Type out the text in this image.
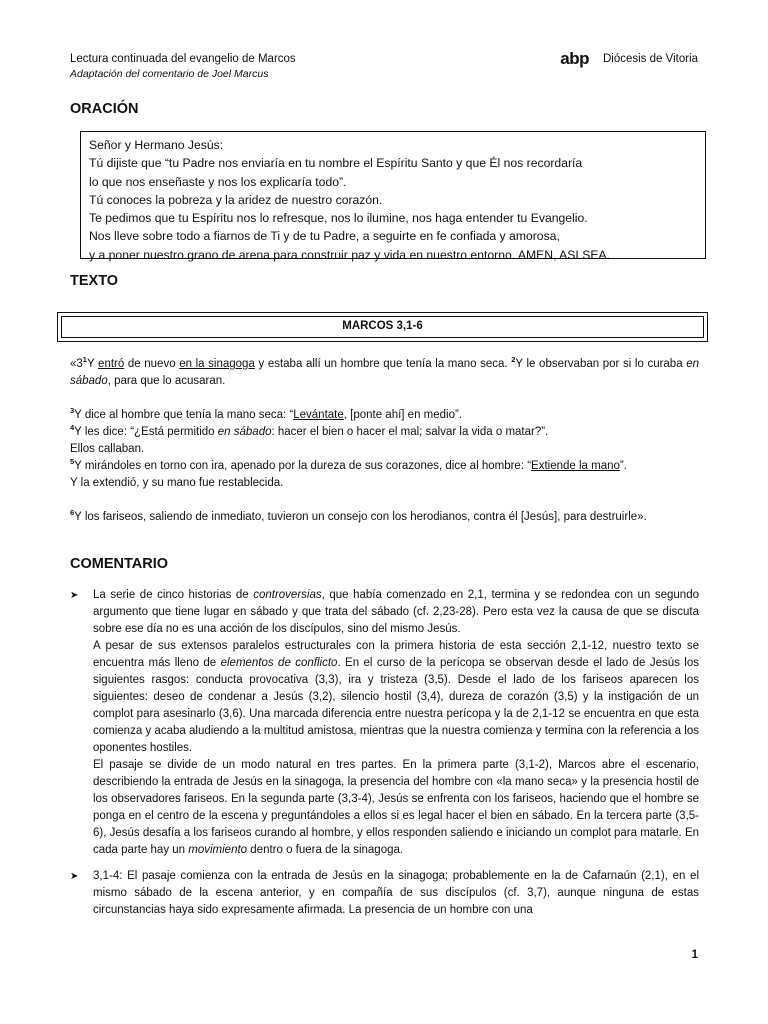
Lectura continuada del evangelio de Marcos
Adaptación del comentario de Joel Marcus
abp Diócesis de Vitoria
ORACIÓN
Señor y Hermano Jesús:
Tú dijiste que “tu Padre nos enviaría en tu nombre el Espíritu Santo y que Él nos recordaría
lo que nos enseñaste y nos los explicaría todo”.
Tú conoces la pobreza y la aridez de nuestro corazón.
Te pedimos que tu Espíritu nos lo refresque, nos lo ilumine, nos haga entender tu Evangelio.
Nos lleve sobre todo a fiarnos de Ti y de tu Padre, a seguirte en fe confiada y amorosa,
y a poner nuestro grano de arena para construir paz y vida en nuestro entorno. AMEN, ASI SEA.
TEXTO
MARCOS 3,1-6

«$3^1Y$ entró de nuevo en la sinagoga y estaba allí un hombre que tenía la mano seca. $^2$Y le observaban por si lo curaba en sábado, para que lo acusaran.

$^3$Y dice al hombre que tenía la mano seca: “Levántate, [ponte ahí] en medio”.

$^4$Y les dice: “¿Está permitido en sábado: hacer el bien o hacer el mal; salvar la vida o matar?”.

Ellos callaban.

$^5$Y mirándoles en torno con ira, apenado por la dureza de sus corazones, dice al hombre: “Extiende la mano”.
Y la extendió, y su mano fue restablecida.

$^6$Y los fariseos, saliendo de inmediato, tuvieron un consejo con los herodianos, contra él [Jesús], para destruirle».

COMENTARIO
➤ La serie de cinco historias de controversias, que había comenzado en 2,1, termina y se redondea con un segundo argumento que tiene lugar en sábado y que trata del sábado (cf. 2,23-28). Pero esta vez la causa de que se discuta sobre ese día no es una acción de los discípulos, sino del mismo Jesús.

A pesar de sus extensos paralelos estructurales con la primera historia de esta sección 2,1-12, nuestro texto se encuentra más lleno de elementos de conflicto. En el curso de la perícopa se observan desde el lado de Jesús los siguientes rasgos: conducta provocativa (3,3), ira y tristeza (3,5). Desde el lado de los fariseos aparecen los siguientes: deseo de condenar a Jesús (3,2), silencio hostil (3,4), dureza de corazón (3,5) y la instigación de un complot para asesinarlo (3,6). Una marcada diferencia entre nuestra perícopa y la de 2,1-12 se encuentra en que esta comienza y acaba aludiendo a la multitud amistosa, mientras que la nuestra comienza y termina con la referencia a los oponentes hostiles.

El pasaje se divide de un modo natural en tres partes. En la primera parte (3,1-2), Marcos abre el escenario, describiendo la entrada de Jesús en la sinagoga, la presencia del hombre con «la mano seca» y la presencia hostil de los observadores fariseos. En la segunda parte (3,3-4), Jesús se enfrenta con los fariseos, haciendo que el hombre se ponga en el centro de la escena y preguntándoles a ellos si es legal hacer el bien en sábado. En la tercera parte (3,5-6), Jesús desafía a los fariseos curando al hombre, y ellos responden saliendo e iniciando un complot para matarle. En cada parte hay un movimiento dentro o fuera de la sinagoga.

➤ 3,1-4: El pasaje comienza con la entrada de Jesús en la sinagoga; probablemente en la de Cafarnaún (2,1), en el mismo sábado de la escena anterior, y en compañía de sus discípulos (cf. 3,7), aunque ninguna de estas circunstancias haya sido expresamente afirmada. La presencia de un hombre con una

1
